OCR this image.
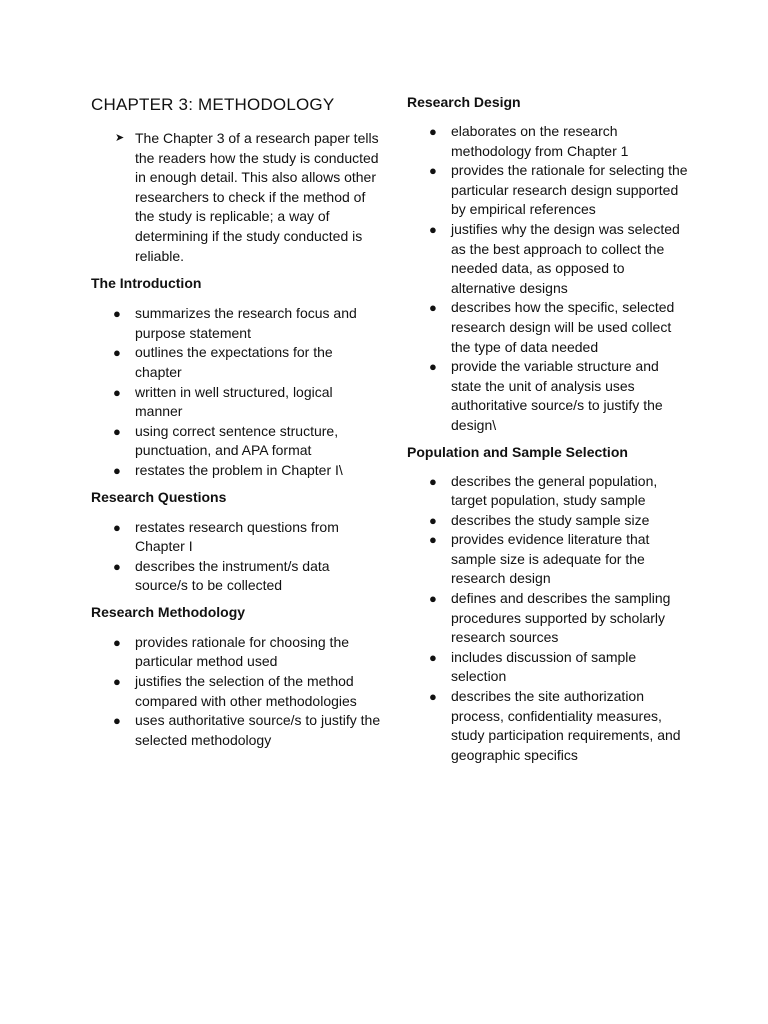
CHAPTER 3: METHODOLOGY
➤ The Chapter 3 of a research paper tells the readers how the study is conducted in enough detail. This also allows other researchers to check if the method of the study is replicable; a way of determining if the study conducted is reliable.
The Introduction
●	summarizes the research focus and purpose statement
●	outlines the expectations for the chapter
●	written in well structured, logical manner
●	using correct sentence structure, punctuation, and APA format
●	restates the problem in Chapter I\
Research Questions
●	restates research questions from Chapter I
●	describes the instrument/s data source/s to be collected
Research Methodology
●	provides rationale for choosing the particular method used
●	justifies the selection of the method compared with other methodologies
●	uses authoritative source/s to justify the selected methodology
Research Design
●	elaborates on the research methodology from Chapter 1
●	provides the rationale for selecting the particular research design supported by empirical references
●	justifies why the design was selected as the best approach to collect the needed data, as opposed to alternative designs
●	describes how the specific, selected research design will be used collect the type of data needed
●	provide the variable structure and state the unit of analysis uses authoritative source/s to justify the design\
Population and Sample Selection
●	describes the general population, target population, study sample
●	describes the study sample size
●	provides evidence literature that sample size is adequate for the research design
●	defines and describes the sampling procedures supported by scholarly research sources
●	includes discussion of sample selection
●	describes the site authorization process, confidentiality measures, study participation requirements, and geographic specifics
